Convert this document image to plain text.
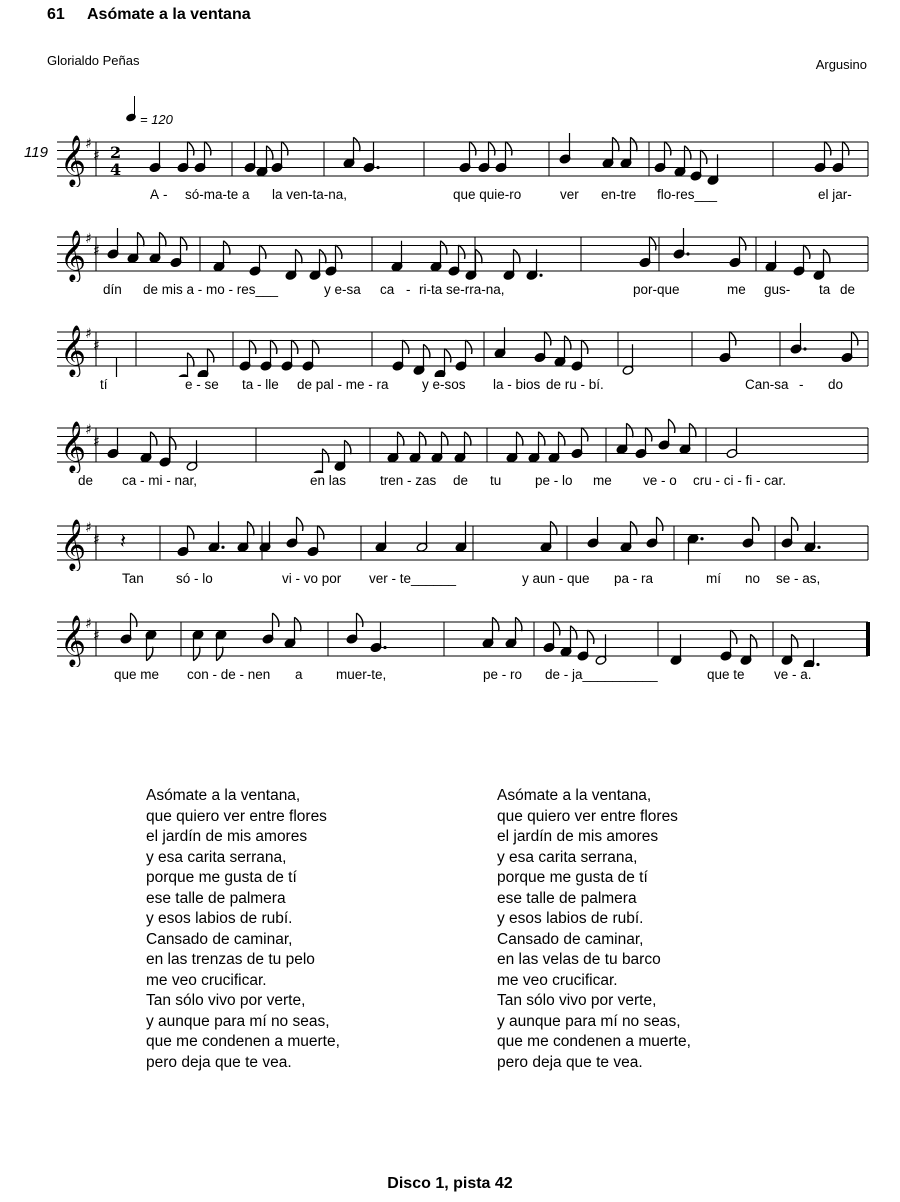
61 Asómate a la ventana
Glorialdo Peñas	Argusino
= 120
𝄞
♯
♯ 2
4
119
A - só-ma-te a la ven-ta-na,	que quie-ro	ver en-tre flo-res___	el jar-
𝄞
♯
♯
dín de mis a - mo - res___	y e-sa ca - ri-ta se-rra-na,	por-que	me gus- ta de
𝄞
♯
♯
tí	e - se ta - lle de pal - me - ra y e-sos la - bios de ru - bí.	Can-sa - do
𝄞
♯
♯
de ca - mi - nar,	en las	tren - zas de tu pe - lo me ve - o cru - ci - fi - car.
𝄞
♯
♯ 𝄽
Tan só - lo	vi - vo por ver - te______	y aun - que pa - ra	mí no se - as,
𝄞
♯
♯
que me con - de - nen a muer-te,	pe - ro de - ja__________	que te ve - a.
Asómate a la ventana,
que quiero ver entre flores
el jardín de mis amores
y esa carita serrana,
porque me gusta de tí
ese talle de palmera
y esos labios de rubí.
Cansado de caminar,
en las trenzas de tu pelo
me veo crucificar.
Tan sólo vivo por verte,
y aunque para mí no seas,
que me condenen a muerte,
pero deja que te vea.
Asómate a la ventana,
que quiero ver entre flores
el jardín de mis amores
y esa carita serrana,
porque me gusta de tí
ese talle de palmera
y esos labios de rubí.
Cansado de caminar,
en las velas de tu barco
me veo crucificar.
Tan sólo vivo por verte,
y aunque para mí no seas,
que me condenen a muerte,
pero deja que te vea.
Disco 1, pista 42
